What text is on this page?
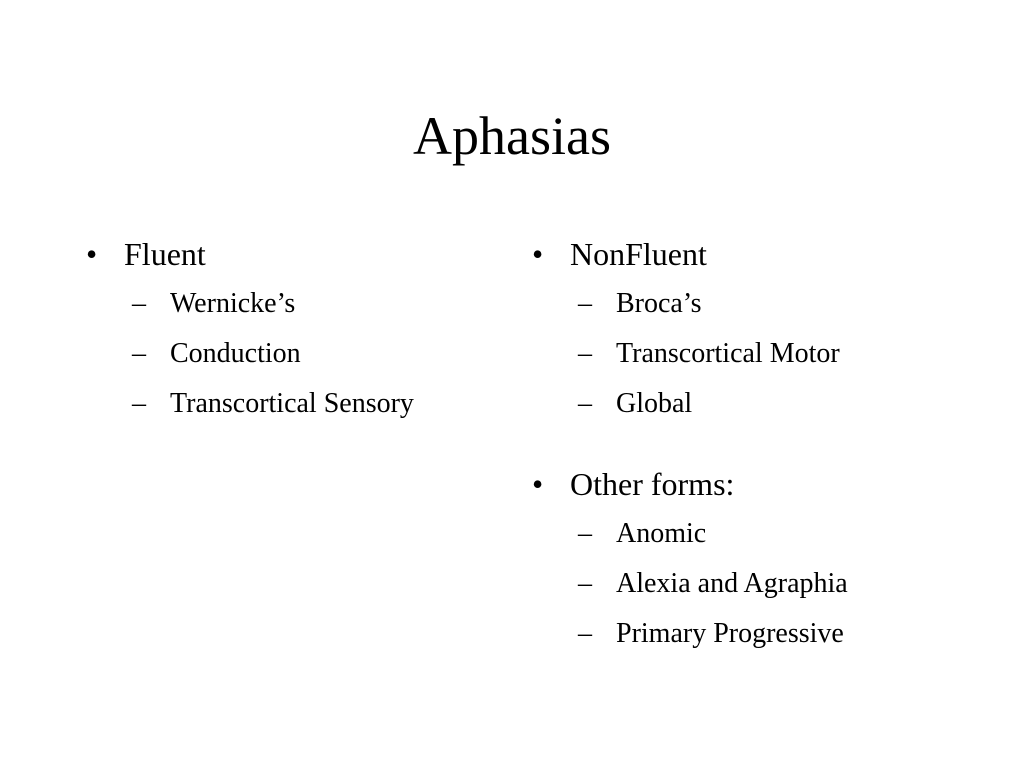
Aphasias
• Fluent
– Wernicke’s
– Conduction
– Transcortical Sensory
• NonFluent
– Broca’s
– Transcortical Motor
– Global
• Other forms:
– Anomic
– Alexia and Agraphia
– Primary Progressive
